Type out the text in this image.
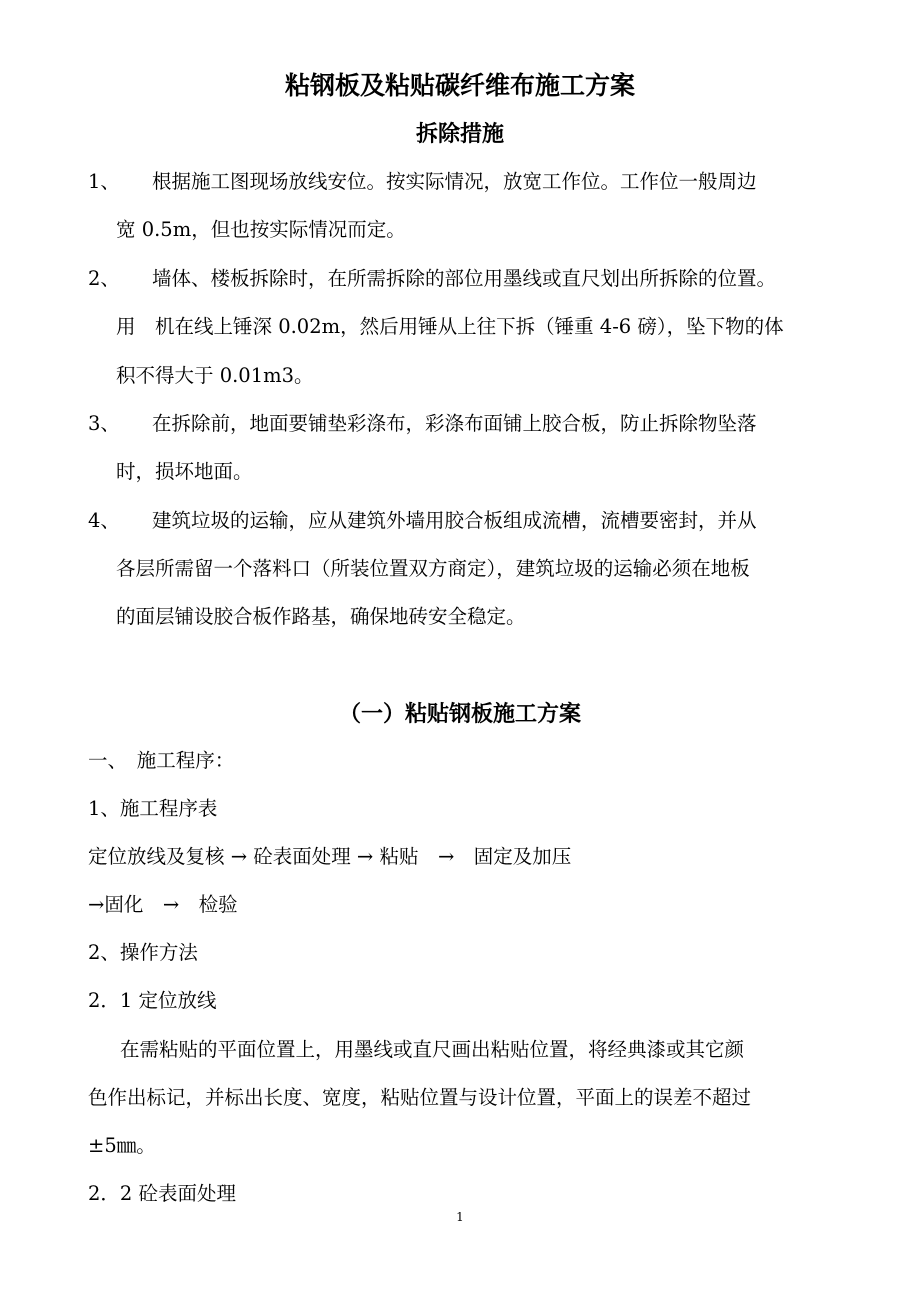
粘钢板及粘贴碳纤维布施工方案
拆除措施
1、 根据施工图现场放线安位。按实际情况，放宽工作位。工作位一般周边
宽 0.5m，但也按实际情况而定。
2、 墙体、楼板拆除时，在所需拆除的部位用墨线或直尺划出所拆除的位置。
用　机在线上锤深 0.02m，然后用锤从上往下拆（锤重 4-6 磅），坠下物的体
积不得大于 0.01m3。
3、 在拆除前，地面要铺垫彩涤布，彩涤布面铺上胶合板，防止拆除物坠落
时，损坏地面。
4、 建筑垃圾的运输，应从建筑外墙用胶合板组成流槽，流槽要密封，并从
各层所需留一个落料口（所装位置双方商定），建筑垃圾的运输必须在地板
的面层铺设胶合板作路基，确保地砖安全稳定。
（一）粘贴钢板施工方案
一、　施工程序：
1、施工程序表
定位放线及复核 → 砼表面处理 → 粘贴　→　固定及加压
→固化　→　检验
2、操作方法
2．1 定位放线
在需粘贴的平面位置上，用墨线或直尺画出粘贴位置，将经典漆或其它颜
色作出标记，并标出长度、宽度，粘贴位置与设计位置，平面上的误差不超过
±5㎜。
2．2 砼表面处理
1
